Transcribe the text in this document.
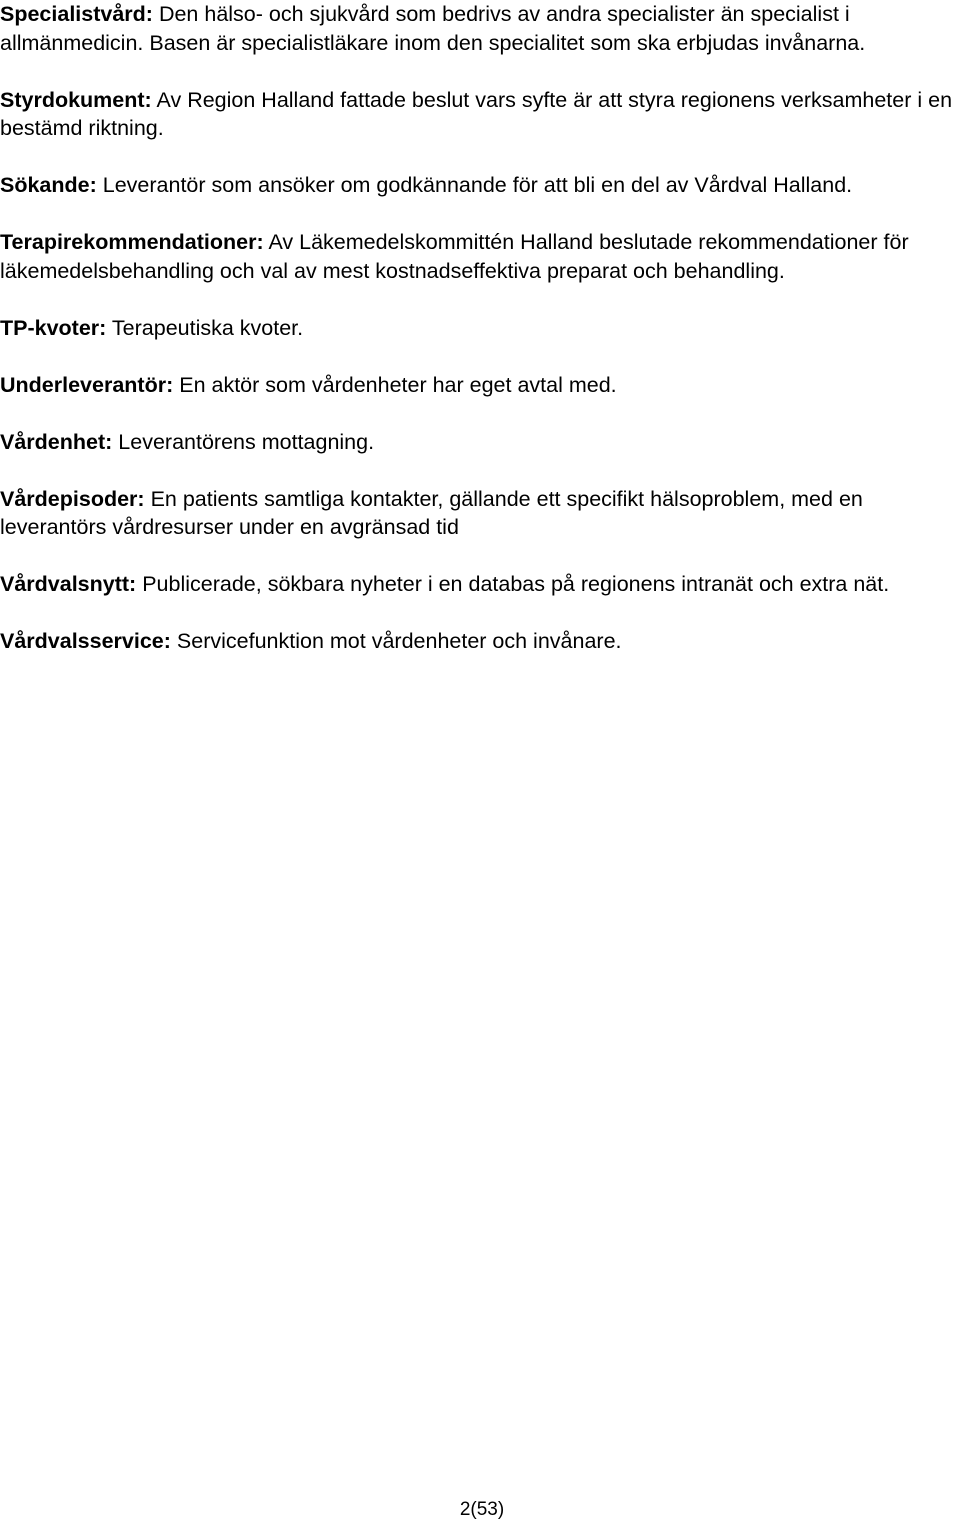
Specialistvård: Den hälso- och sjukvård som bedrivs av andra specialister än specialist i allmänmedicin. Basen är specialistläkare inom den specialitet som ska erbjudas invånarna.

Styrdokument: Av Region Halland fattade beslut vars syfte är att styra regionens verksamheter i en bestämd riktning.

Sökande: Leverantör som ansöker om godkännande för att bli en del av Vårdval Halland.

Terapirekommendationer: Av Läkemedelskommittén Halland beslutade rekommendationer för läkemedelsbehandling och val av mest kostnadseffektiva preparat och behandling.

TP-kvoter: Terapeutiska kvoter.

Underleverantör: En aktör som vårdenheter har eget avtal med.

Vårdenhet: Leverantörens mottagning.

Vårdepisoder: En patients samtliga kontakter, gällande ett specifikt hälsoproblem, med en leverantörs vårdresurser under en avgränsad tid

Vårdvalsnytt: Publicerade, sökbara nyheter i en databas på regionens intranät och extra nät.

Vårdvalsservice: Servicefunktion mot vårdenheter och invånare.

2(53)
